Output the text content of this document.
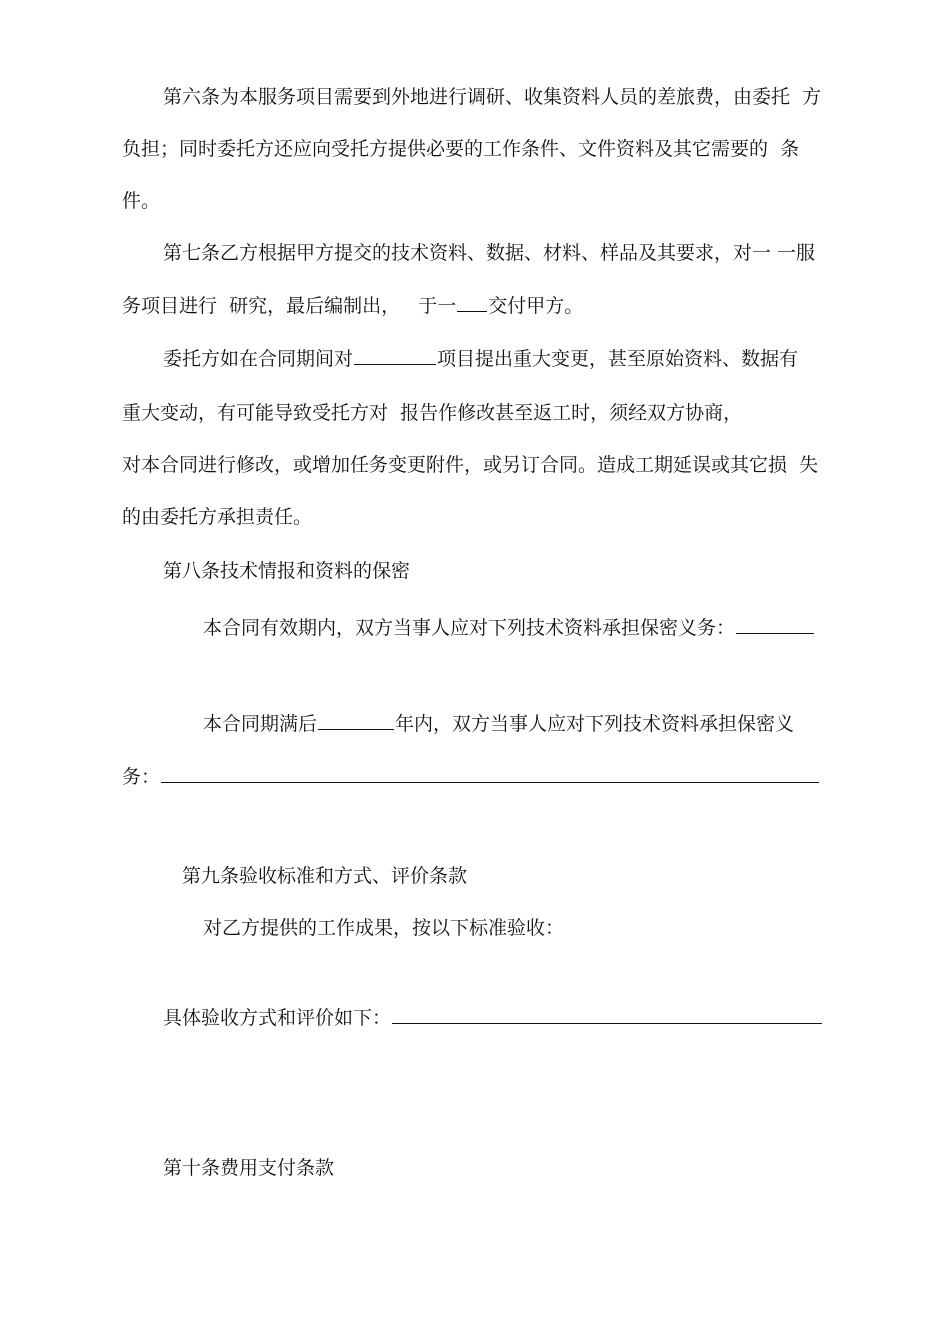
第六条为本服务项目需要到外地进行调研、收集资料人员的差旅费，由委托  方
负担；同时委托方还应向受托方提供必要的工作条件、文件资料及其它需要的  条
件。
第七条乙方根据甲方提交的技术资料、数据、材料、样品及其要求，对一 一服
务项目进行  研究，最后编制出，   于一 交付甲方。
委托方如在合同期间对	项目提出重大变更，甚至原始资料、数据有
重大变动，有可能导致受托方对  报告作修改甚至返工时，须经双方协商，
对本合同进行修改，或增加任务变更附件，或另订合同。造成工期延误或其它损  失
的由委托方承担责任。
第八条技术情报和资料的保密
本合同有效期内，双方当事人应对下列技术资料承担保密义务：
本合同期满后	年内，双方当事人应对下列技术资料承担保密义
务：
第九条验收标准和方式、评价条款
对乙方提供的工作成果，按以下标准验收：
具体验收方式和评价如下：
第十条费用支付条款
